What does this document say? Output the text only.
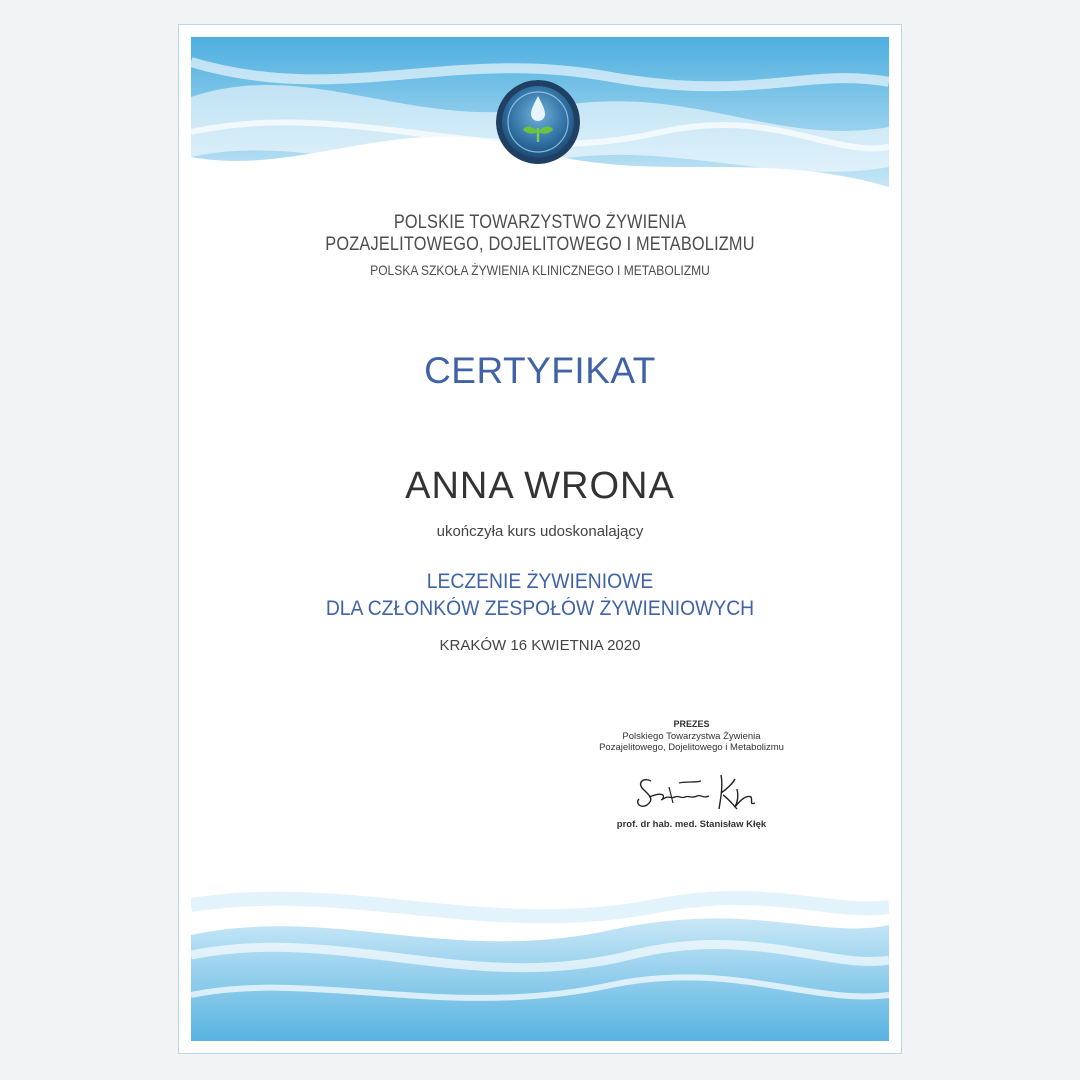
POLSKIE TOWARZYSTWO ŻYWIENIA
POZAJELITOWEGO, DOJELITOWEGO I METABOLIZMU
POLSKA SZKOŁA ŻYWIENIA KLINICZNEGO I METABOLIZMU
CERTYFIKAT
ANNA WRONA
ukończyła kurs udoskonalający
LECZENIE ŻYWIENIOWE
DLA CZŁONKÓW ZESPOŁÓW ŻYWIENIOWYCH
KRAKÓW 16 KWIETNIA 2020
PREZES
Polskiego Towarzystwa Żywienia
Pozajelitowego, Dojelitowego i Metabolizmu
prof. dr hab. med. Stanisław Kłęk
